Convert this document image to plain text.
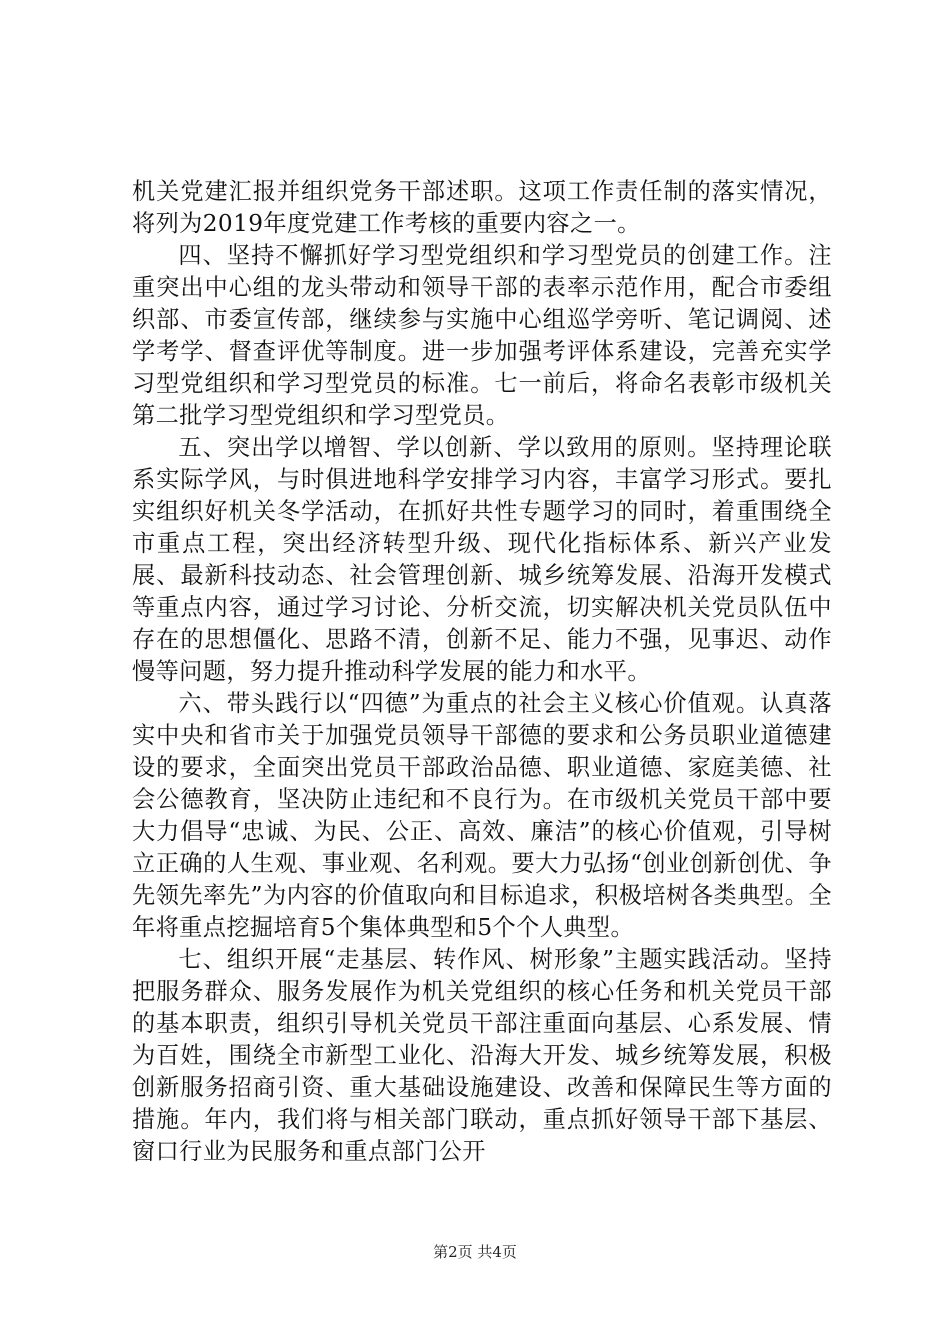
机关党建汇报并组织党务干部述职。这项工作责任制的落实情况，将列为2019年度党建工作考核的重要内容之一。

四、坚持不懈抓好学习型党组织和学习型党员的创建工作。注重突出中心组的龙头带动和领导干部的表率示范作用，配合市委组织部、市委宣传部，继续参与实施中心组巡学旁听、笔记调阅、述学考学、督查评优等制度。进一步加强考评体系建设，完善充实学习型党组织和学习型党员的标准。七一前后，将命名表彰市级机关第二批学习型党组织和学习型党员。

五、突出学以增智、学以创新、学以致用的原则。坚持理论联系实际学风，与时俱进地科学安排学习内容，丰富学习形式。要扎实组织好机关冬学活动，在抓好共性专题学习的同时，着重围绕全市重点工程，突出经济转型升级、现代化指标体系、新兴产业发展、最新科技动态、社会管理创新、城乡统筹发展、沿海开发模式等重点内容，通过学习讨论、分析交流，切实解决机关党员队伍中存在的思想僵化、思路不清，创新不足、能力不强，见事迟、动作慢等问题，努力提升推动科学发展的能力和水平。

六、带头践行以“四德”为重点的社会主义核心价值观。认真落实中央和省市关于加强党员领导干部德的要求和公务员职业道德建设的要求，全面突出党员干部政治品德、职业道德、家庭美德、社会公德教育，坚决防止违纪和不良行为。在市级机关党员干部中要大力倡导“忠诚、为民、公正、高效、廉洁”的核心价值观，引导树立正确的人生观、事业观、名利观。要大力弘扬“创业创新创优、争先领先率先”为内容的价值取向和目标追求，积极培树各类典型。全年将重点挖掘培育5个集体典型和5个个人典型。

七、组织开展“走基层、转作风、树形象”主题实践活动。坚持把服务群众、服务发展作为机关党组织的核心任务和机关党员干部的基本职责，组织引导机关党员干部注重面向基层、心系发展、情为百姓，围绕全市新型工业化、沿海大开发、城乡统筹发展，积极创新服务招商引资、重大基础设施建设、改善和保障民生等方面的措施。年内，我们将与相关部门联动，重点抓好领导干部下基层、窗口行业为民服务和重点部门公开

第2页 共4页
